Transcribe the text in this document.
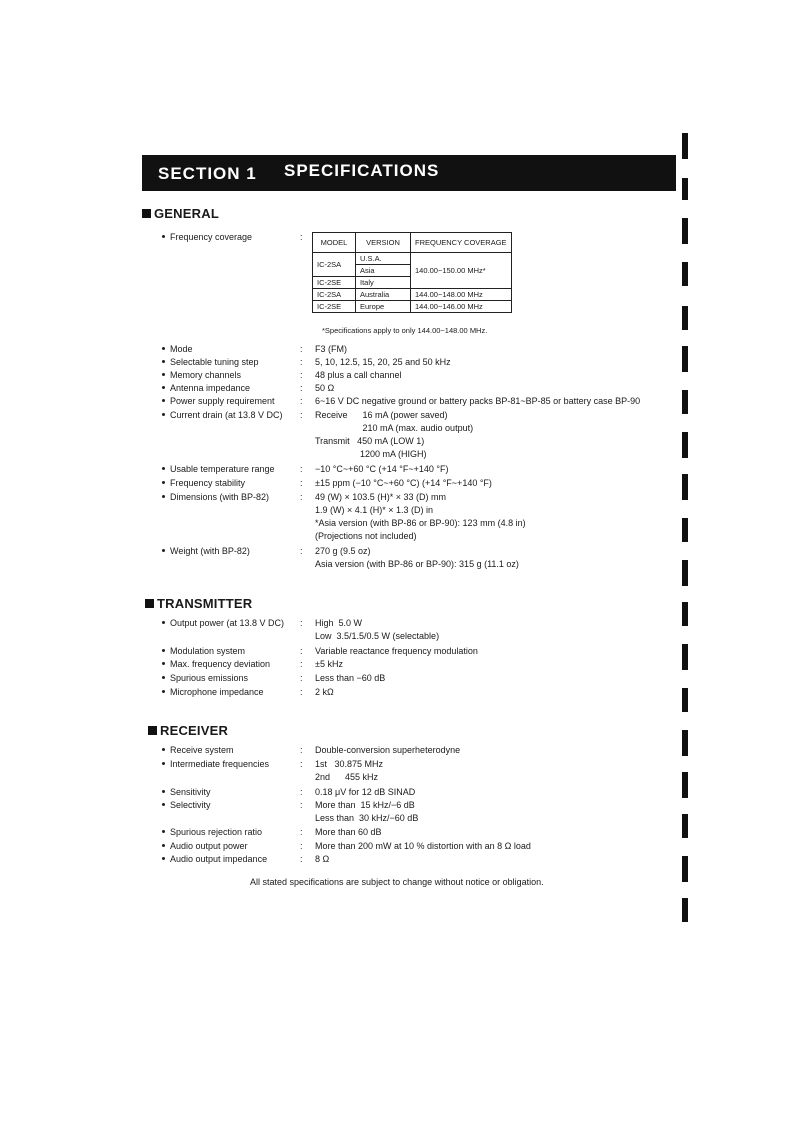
SECTION 1 SPECIFICATIONS
GENERAL
Frequency coverage	:
MODEL	VERSION	FREQUENCY COVERAGE
IC-2SA	U.S.A.	140.00~150.00 MHz*
	Asia	
IC-2SE	Italy	
IC-2SA	Australia	144.00~148.00 MHz
IC-2SE	Europe	144.00~146.00 MHz
*Specifications apply to only 144.00~148.00 MHz.
Mode	: F3 (FM)
Selectable tuning step	: 5, 10, 12.5, 15, 20, 25 and 50 kHz
Memory channels	: 48 plus a call channel
Antenna impedance	: 50 Ω
Power supply requirement	: 6~16 V DC negative ground or battery packs BP-81~BP-85 or battery case BP-90
Current drain (at 13.8 V DC) : Receive      16 mA (power saved)
210 mA (max. audio output)
Transmit   450 mA (LOW 1)
1200 mA (HIGH)
Usable temperature range	: −10 °C~+60 °C (+14 °F~+140 °F)
Frequency stability	: ±15 ppm (−10 °C~+60 °C) (+14 °F~+140 °F)
Dimensions (with BP-82)	: 49 (W) × 103.5 (H)* × 33 (D) mm
1.9 (W) × 4.1 (H)* × 1.3 (D) in
*Asia version (with BP-86 or BP-90): 123 mm (4.8 in)
(Projections not included)
Weight (with BP-82)	: 270 g (9.5 oz)
Asia version (with BP-86 or BP-90): 315 g (11.1 oz)
TRANSMITTER
Output power (at 13.8 V DC) : High  5.0 W
Low  3.5/1.5/0.5 W (selectable)
Modulation system	: Variable reactance frequency modulation
Max. frequency deviation	: ±5 kHz
Spurious emissions	: Less than −60 dB
Microphone impedance	: 2 kΩ
RECEIVER
Receive system	: Double-conversion superheterodyne
Intermediate frequencies	: 1st   30.875 MHz
2nd      455 kHz
Sensitivity	: 0.18 μV for 12 dB SINAD
Selectivity	: More than  15 kHz/−6 dB
Less than  30 kHz/−60 dB
Spurious rejection ratio	: More than 60 dB
Audio output power	: More than 200 mW at 10 % distortion with an 8 Ω load
Audio output impedance	: 8 Ω
All stated specifications are subject to change without notice or obligation.
